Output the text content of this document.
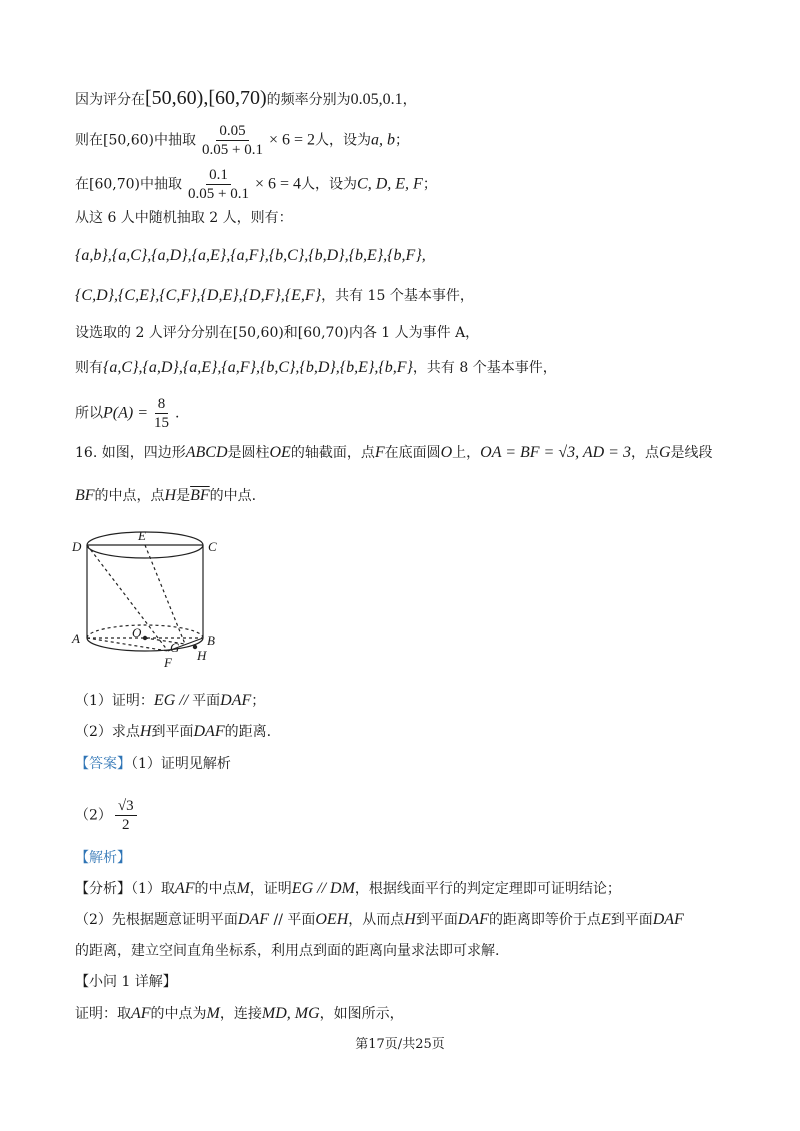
因为评分在[50,60),[60,70)的频率分别为0.05,0.1，
则在[50,60)中抽取 $\frac{0.05}{0.05 + 0.1} \times 6 = 2$人，设为a, b；
在[60,70)中抽取 $\frac{0.1}{0.05 + 0.1} \times 6 = 4$人，设为C, D, E, F；
从这 6 人中随机抽取 2 人，则有：
{a,b},{a,C},{a,D},{a,E},{a,F},{b,C},{b,D},{b,E},{b,F},
{C,D},{C,E},{C,F},{D,E},{D,F},{E,F}，共有 15 个基本事件，
设选取的 2 人评分分别在[50,60)和[60,70)内各 1 人为事件 A，
则有{a,C},{a,D},{a,E},{a,F},{b,C},{b,D},{b,E},{b,F}，共有 8 个基本事件，
所以$P(A) = \frac{8}{15}$ .
16. 如图，四边形ABCD是圆柱OE的轴截面，点F在底面圆O上，OA = BF = √3, AD = 3，点G是线段
BF的中点，点H是$\overline{BF}$的中点.
D
E
C
A	O
G B
H
F
（1）证明：EG // 平面DAF；
（2）求点H到平面DAF的距离.
【答案】（1）证明见解析
$(2) \frac{√3}{2}$
【解析】
【分析】（1）取AF的中点M，证明EG // DM，根据线面平行的判定定理即可证明结论；
（2）先根据题意证明平面DAF // 平面OEH，从而点H到平面DAF的距离即等价于点E到平面DAF
的距离，建立空间直角坐标系，利用点到面的距离向量求法即可求解.
【小问 1 详解】
证明：取AF的中点为M，连接MD, MG，如图所示，
第17页/共25页
